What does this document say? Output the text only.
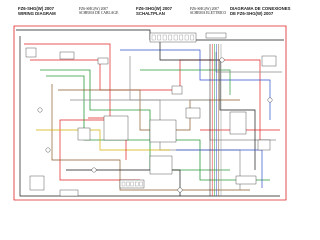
FZ6-SHG(W) 2007
WIRING DIAGRAM
FZ6-SHG(W) 2007
SCHEMA DE CABLAGE
FZ6-SHG(W) 2007
SCHALTPLAN
FZ6-SHG(W) 2007
SCHEMA ELETTRICO
DIAGRAMA DE CONEXIONES
DE FZ6-SHG(W) 2007
